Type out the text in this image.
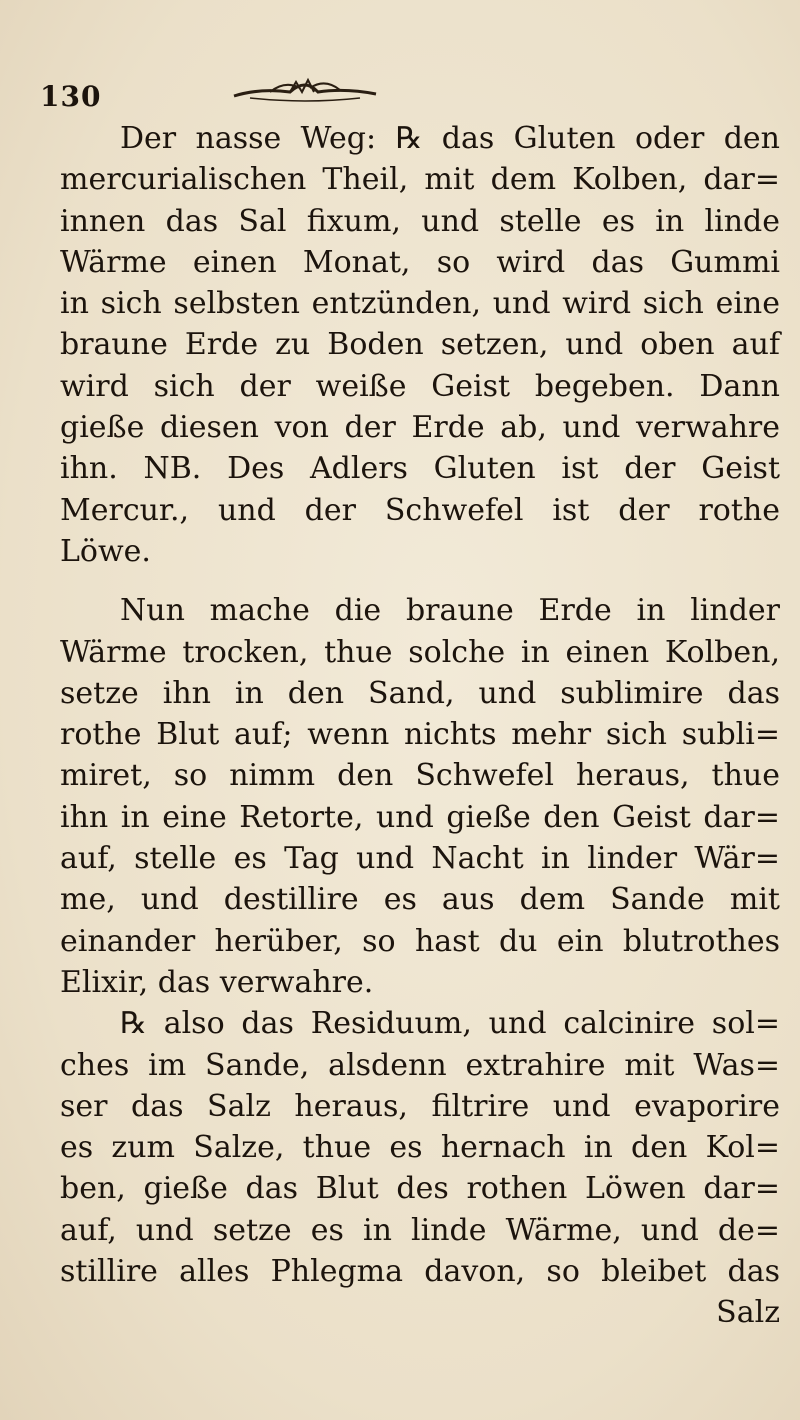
130
Der nasse Weg: ℞ das Gluten oder den
mercurialischen Theil, mit dem Kolben, dar=
innen das Sal fixum, und stelle es in linde
Wärme einen Monat, so wird das Gummi
in sich selbsten entzünden, und wird sich eine
braune Erde zu Boden setzen, und oben auf
wird sich der weiße Geist begeben. Dann
gieße diesen von der Erde ab, und verwahre
ihn. NB. Des Adlers Gluten ist der Geist
Mercur., und der Schwefel ist der rothe
Löwe.
Nun mache die braune Erde in linder
Wärme trocken, thue solche in einen Kolben,
setze ihn in den Sand, und sublimire das
rothe Blut auf; wenn nichts mehr sich subli=
miret, so nimm den Schwefel heraus, thue
ihn in eine Retorte, und gieße den Geist dar=
auf, stelle es Tag und Nacht in linder Wär=
me, und destillire es aus dem Sande mit
einander herüber, so hast du ein blutrothes
Elixir, das verwahre.
℞ also das Residuum, und calcinire sol=
ches im Sande, alsdenn extrahire mit Was=
ser das Salz heraus, filtrire und evaporire
es zum Salze, thue es hernach in den Kol=
ben, gieße das Blut des rothen Löwen dar=
auf, und setze es in linde Wärme, und de=
stillire alles Phlegma davon, so bleibet das
Salz
